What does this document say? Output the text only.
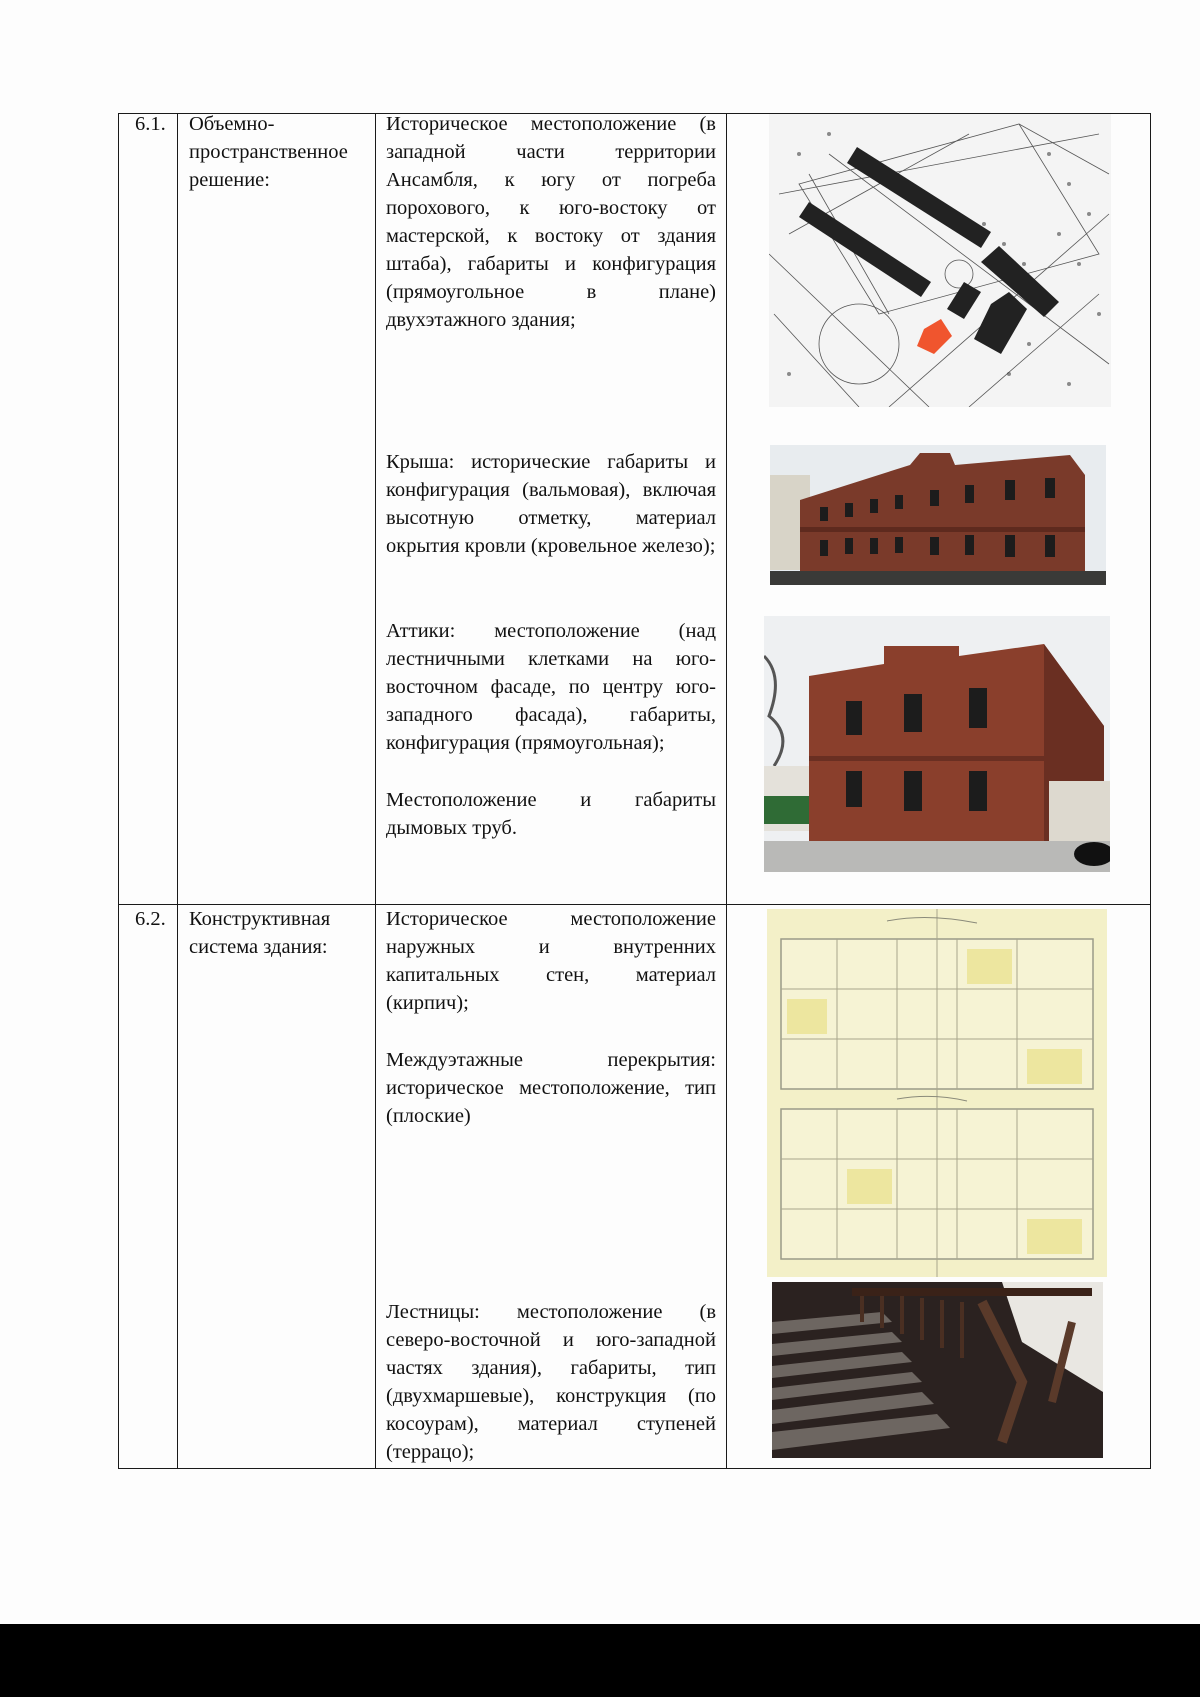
6.1. Объемно-пространственное решение:
Историческое местоположение (в западной части территории Ансамбля, к югу от погреба порохового, к юго-востоку от мастерской, к востоку от здания штаба), габариты и конфигурация (прямоугольное в плане) двухэтажного здания;
Крыша: исторические габариты и конфигурация (вальмовая), включая высотную отметку, материал окрытия кровли (кровельное железо);
Аттики: местоположение (над лестничными клетками на юго-восточном фасаде, по центру юго-западного фасада), габариты, конфигурация (прямоугольная);
Местоположение и габариты дымовых труб.
6.2. Конструктивная система здания:
Историческое местоположение наружных и внутренних капитальных стен, материал (кирпич);
Междуэтажные перекрытия: историческое местоположение, тип (плоские)
Лестницы: местоположение (в северо-восточной и юго-западной частях здания), габариты, тип (двухмаршевые), конструкция (по косоурам), материал ступеней (террацо);
